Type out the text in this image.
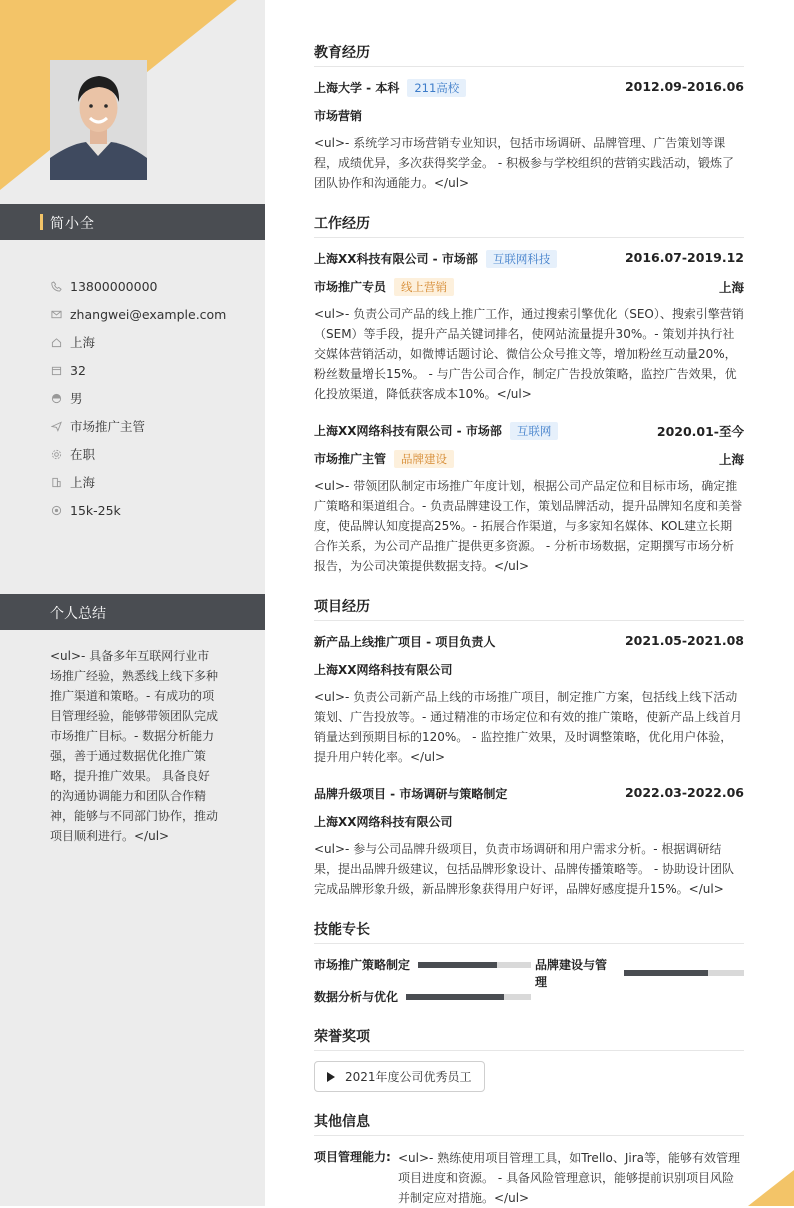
简小全
13800000000
zhangwei@example.com
上海
32
男
市场推广主管
在职
上海
15k-25k
个人总结
<ul>- 具备多年互联网行业市场推广经验，熟悉线上线下多种推广渠道和策略。- 有成功的项目管理经验，能够带领团队完成市场推广目标。- 数据分析能力强，善于通过数据优化推广策略，提升推广效果。 具备良好的沟通协调能力和团队合作精神，能够与不同部门协作，推动项目顺利进行。</ul>
教育经历
上海大学 - 本科 211高校	2012.09-2016.06
市场营销
<ul>- 系统学习市场营销专业知识，包括市场调研、品牌管理、广告策划等课程，成绩优异，多次获得奖学金。 - 积极参与学校组织的营销实践活动，锻炼了团队协作和沟通能力。</ul>
工作经历
上海XX科技有限公司 - 市场部 互联网科技	2016.07-2019.12
市场推广专员 线上营销	上海
<ul>- 负责公司产品的线上推广工作，通过搜索引擎优化（SEO）、搜索引擎营销（SEM）等手段，提升产品关键词排名，使网站流量提升30%。- 策划并执行社交媒体营销活动，如微博话题讨论、微信公众号推文等，增加粉丝互动量20%，粉丝数量增长15%。 - 与广告公司合作，制定广告投放策略，监控广告效果，优化投放渠道，降低获客成本10%。</ul>
上海XX网络科技有限公司 - 市场部 互联网	2020.01-至今
市场推广主管 品牌建设	上海
<ul>- 带领团队制定市场推广年度计划，根据公司产品定位和目标市场，确定推广策略和渠道组合。- 负责品牌建设工作，策划品牌活动，提升品牌知名度和美誉度，使品牌认知度提高25%。- 拓展合作渠道，与多家知名媒体、KOL建立长期合作关系，为公司产品推广提供更多资源。 - 分析市场数据，定期撰写市场分析报告，为公司决策提供数据支持。</ul>
项目经历
新产品上线推广项目 - 项目负责人	2021.05-2021.08
上海XX网络科技有限公司
<ul>- 负责公司新产品上线的市场推广项目，制定推广方案，包括线上线下活动策划、广告投放等。- 通过精准的市场定位和有效的推广策略，使新产品上线首月销量达到预期目标的120%。 - 监控推广效果，及时调整策略，优化用户体验，提升用户转化率。</ul>
品牌升级项目 - 市场调研与策略制定	2022.03-2022.06
上海XX网络科技有限公司
<ul>- 参与公司品牌升级项目，负责市场调研和用户需求分析。- 根据调研结果，提出品牌升级建议，包括品牌形象设计、品牌传播策略等。 - 协助设计团队完成品牌形象升级，新品牌形象获得用户好评，品牌好感度提升15%。</ul>
技能专长
市场推广策略制定	品牌建设与管理
数据分析与优化
荣誉奖项
2021年度公司优秀员工
其他信息
项目管理能力: <ul>- 熟练使用项目管理工具，如Trello、Jira等，能够有效管理项目进度和资源。 - 具备风险管理意识，能够提前识别项目风险并制定应对措施。</ul>
